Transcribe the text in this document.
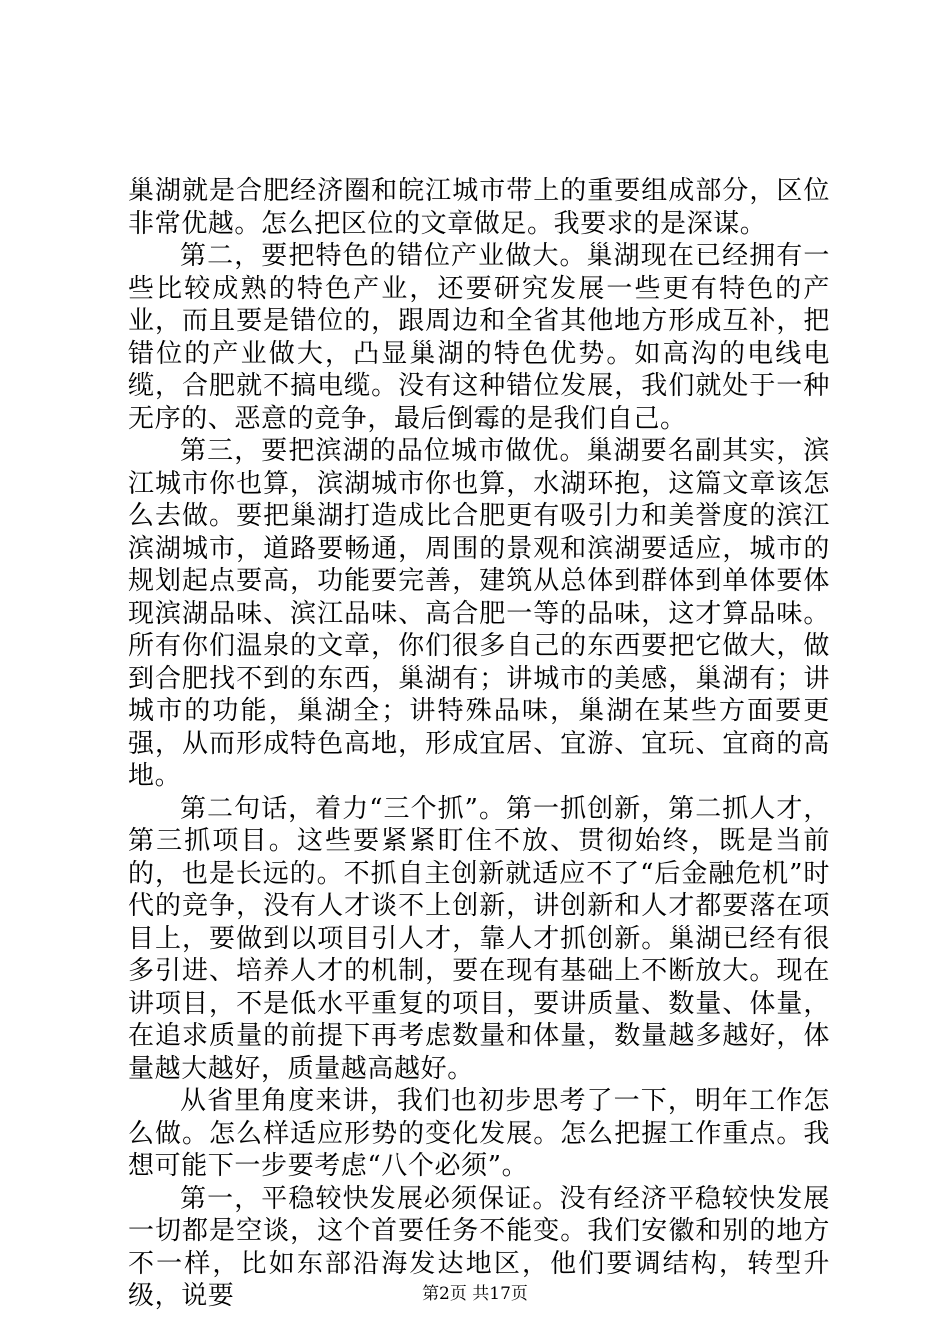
巢湖就是合肥经济圈和皖江城市带上的重要组成部分，区位非常优越。怎么把区位的文章做足。我要求的是深谋。

第二，要把特色的错位产业做大。巢湖现在已经拥有一些比较成熟的特色产业，还要研究发展一些更有特色的产业，而且要是错位的，跟周边和全省其他地方形成互补，把错位的产业做大，凸显巢湖的特色优势。如高沟的电线电缆，合肥就不搞电缆。没有这种错位发展，我们就处于一种无序的、恶意的竞争，最后倒霉的是我们自己。

第三，要把滨湖的品位城市做优。巢湖要名副其实，滨江城市你也算，滨湖城市你也算，水湖环抱，这篇文章该怎么去做。要把巢湖打造成比合肥更有吸引力和美誉度的滨江滨湖城市，道路要畅通，周围的景观和滨湖要适应，城市的规划起点要高，功能要完善，建筑从总体到群体到单体要体现滨湖品味、滨江品味、高合肥一等的品味，这才算品味。所有你们温泉的文章，你们很多自己的东西要把它做大，做到合肥找不到的东西，巢湖有；讲城市的美感，巢湖有；讲城市的功能，巢湖全；讲特殊品味，巢湖在某些方面要更强，从而形成特色高地，形成宜居、宜游、宜玩、宜商的高地。

第二句话，着力“三个抓”。第一抓创新，第二抓人才，第三抓项目。这些要紧紧盯住不放、贯彻始终，既是当前的，也是长远的。不抓自主创新就适应不了“后金融危机”时代的竞争，没有人才谈不上创新，讲创新和人才都要落在项目上，要做到以项目引人才，靠人才抓创新。巢湖已经有很多引进、培养人才的机制，要在现有基础上不断放大。现在讲项目，不是低水平重复的项目，要讲质量、数量、体量，在追求质量的前提下再考虑数量和体量，数量越多越好，体量越大越好，质量越高越好。

从省里角度来讲，我们也初步思考了一下，明年工作怎么做。怎么样适应形势的变化发展。怎么把握工作重点。我想可能下一步要考虑“八个必须”。

第一，平稳较快发展必须保证。没有经济平稳较快发展一切都是空谈，这个首要任务不能变。我们安徽和别的地方不一样，比如东部沿海发达地区，他们要调结构，转型升级，说要	第2页 共17页
